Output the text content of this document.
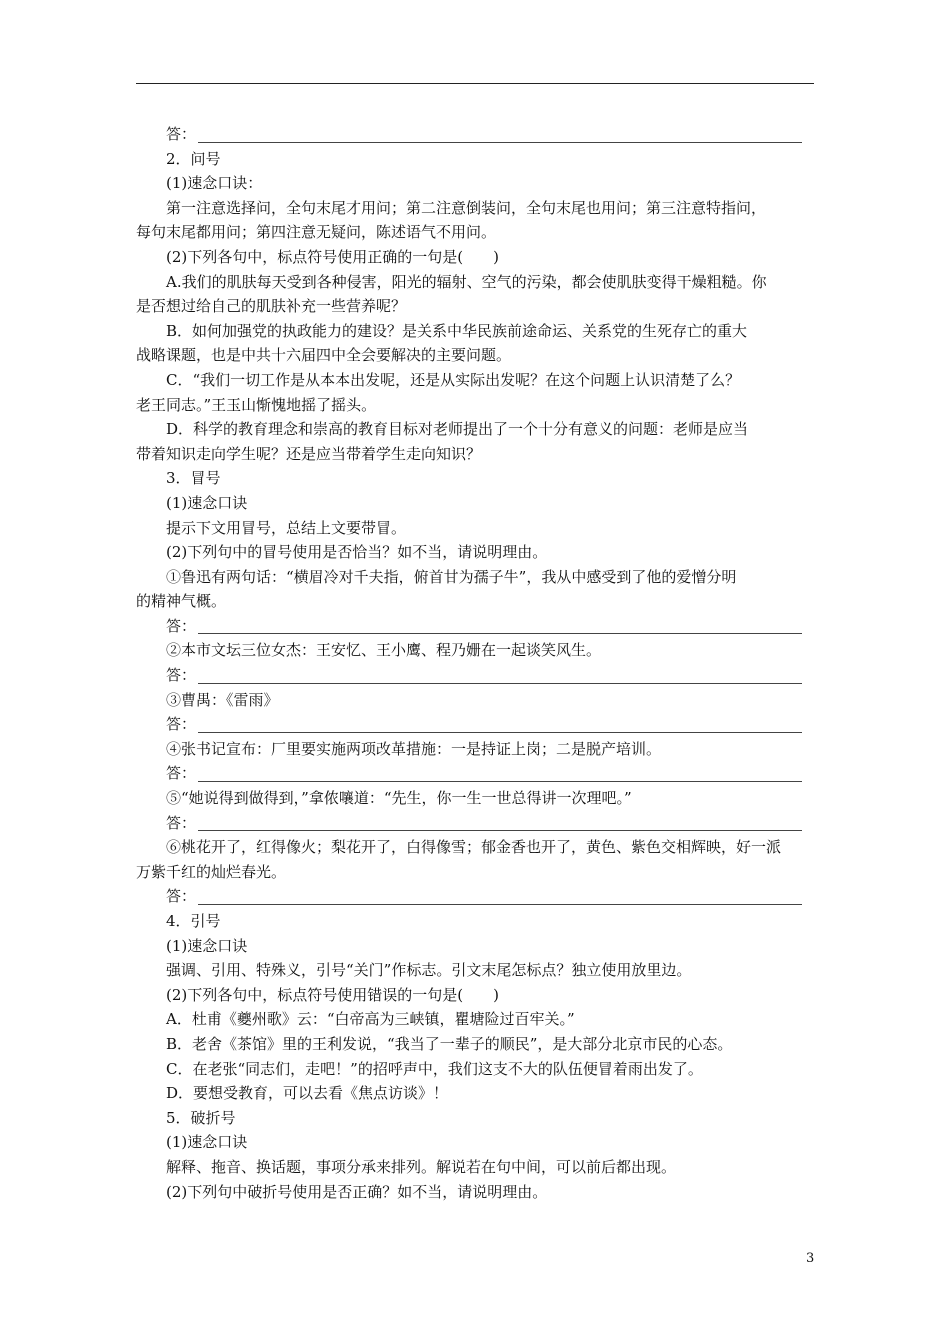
答：
2．问号
(1)速念口诀：
第一注意选择问，全句末尾才用问；第二注意倒装问，全句末尾也用问；第三注意特指问，
每句末尾都用问；第四注意无疑问，陈述语气不用问。
(2)下列各句中，标点符号使用正确的一句是(　　)
A.我们的肌肤每天受到各种侵害，阳光的辐射、空气的污染，都会使肌肤变得干燥粗糙。你
是否想过给自己的肌肤补充一些营养呢？
B．如何加强党的执政能力的建设？是关系中华民族前途命运、关系党的生死存亡的重大
战略课题，也是中共十六届四中全会要解决的主要问题。
C．“我们一切工作是从本本出发呢，还是从实际出发呢？在这个问题上认识清楚了么？
老王同志。”王玉山惭愧地摇了摇头。
D．科学的教育理念和崇高的教育目标对老师提出了一个十分有意义的问题：老师是应当
带着知识走向学生呢？还是应当带着学生走向知识？
3．冒号
(1)速念口诀
提示下文用冒号，总结上文要带冒。
(2)下列句中的冒号使用是否恰当？如不当，请说明理由。
①鲁迅有两句话：“横眉冷对千夫指，俯首甘为孺子牛”，我从中感受到了他的爱憎分明
的精神气概。
答：
②本市文坛三位女杰：王安忆、王小鹰、程乃姗在一起谈笑风生。
答：
③曹禺：《雷雨》
答：
④张书记宣布：厂里要实施两项改革措施：一是持证上岗；二是脱产培训。
答：
⑤“她说得到做得到，”拿侬嚷道：“先生，你一生一世总得讲一次理吧。”
答：
⑥桃花开了，红得像火；梨花开了，白得像雪；郁金香也开了，黄色、紫色交相辉映，好一派
万紫千红的灿烂春光。
答：
4．引号
(1)速念口诀
强调、引用、特殊义，引号“关门”作标志。引文末尾怎标点？独立使用放里边。
(2)下列各句中，标点符号使用错误的一句是(　　)
A．杜甫《夔州歌》云：“白帝高为三峡镇，瞿塘险过百牢关。”
B．老舍《茶馆》里的王利发说，“我当了一辈子的顺民”，是大部分北京市民的心态。
C．在老张“同志们，走吧！”的招呼声中，我们这支不大的队伍便冒着雨出发了。
D．要想受教育，可以去看《焦点访谈》！
5．破折号
(1)速念口诀
解释、拖音、换话题，事项分承来排列。解说若在句中间，可以前后都出现。
(2)下列句中破折号使用是否正确？如不当，请说明理由。
3
